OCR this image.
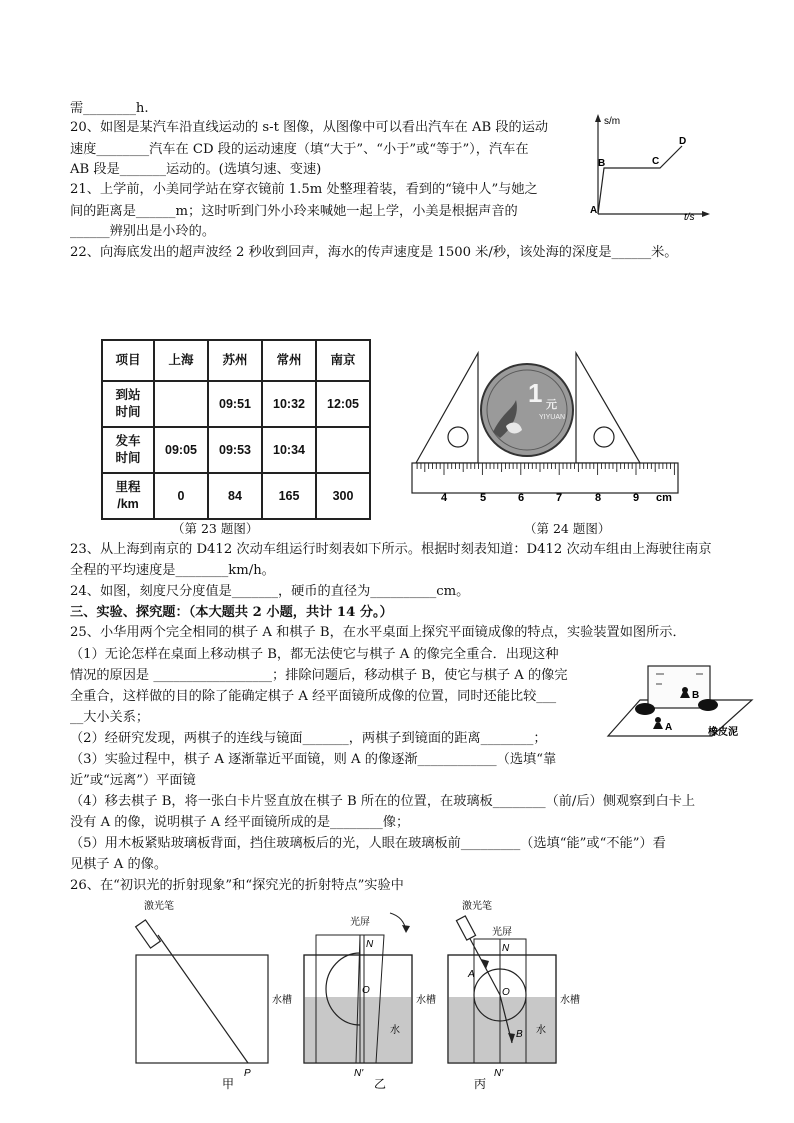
需________h.
20、如图是某汽车沿直线运动的 s-t 图像，从图像中可以看出汽车在 AB 段的运动
速度________汽车在 CD 段的运动速度（填“大于”、“小于”或“等于”），汽车在
AB 段是_______运动的。(选填匀速、变速)
21、上学前，小美同学站在穿衣镜前 1.5m 处整理着装，看到的“镜中人”与她之
间的距离是______m；这时听到门外小玲来喊她一起上学，小美是根据声音的
______辨别出是小玲的。
22、向海底发出的超声波经 2 秒收到回声，海水的传声速度是 1500 米/秒，该处海的深度是______米。
23、从上海到南京的 D412 次动车组运行时刻表如下所示。根据时刻表知道：D412 次动车组由上海驶往南京
全程的平均速度是________km/h。
24、如图，刻度尺分度值是_______，硬币的直径为__________cm。
三、实验、探究题：（本大题共 2 小题，共计 14 分。）
25、小华用两个完全相同的棋子 A 和棋子 B，在水平桌面上探究平面镜成像的特点，实验装置如图所示．
（1）无论怎样在桌面上移动棋子 B，都无法使它与棋子 A 的像完全重合．出现这种
情况的原因是 __________________；排除问题后，移动棋子 B，使它与棋子 A 的像完
全重合，这样做的目的除了能确定棋子 A 经平面镜所成像的位置，同时还能比较___
__大小关系；
（2）经研究发现，两棋子的连线与镜面_______，两棋子到镜面的距离________；
（3）实验过程中，棋子 A 逐渐靠近平面镜，则 A 的像逐渐____________（选填“靠
近”或“远离”）平面镜
（4）移去棋子 B，将一张白卡片竖直放在棋子 B 所在的位置，在玻璃板________（前/后）侧观察到白卡上
没有 A 的像，说明棋子 A 经平面镜所成的是________像；
（5）用木板紧贴玻璃板背面，挡住玻璃板后的光，人眼在玻璃板前_________（选填“能”或“不能”）看
见棋子 A 的像。
26、在“初识光的折射现象”和“探究光的折射特点”实验中
s/m
t/s
A
B	C
D
项目	上海	苏州	常州	南京
到站
时间		09:51	10:32	12:05
发车
时间	09:05	09:53	10:34	
里程
/km	0	84	165	300
（第 23 题图）
1 元
YIYUAN
4	5	6	7	8	9 cm
（第 24 题图）
B
A	橡皮泥
激光笔
P
水槽
甲
光屏
N
O
水
N'
水槽
乙
激光笔
光屏
N
A
O
B 水
N'
水槽
丙
